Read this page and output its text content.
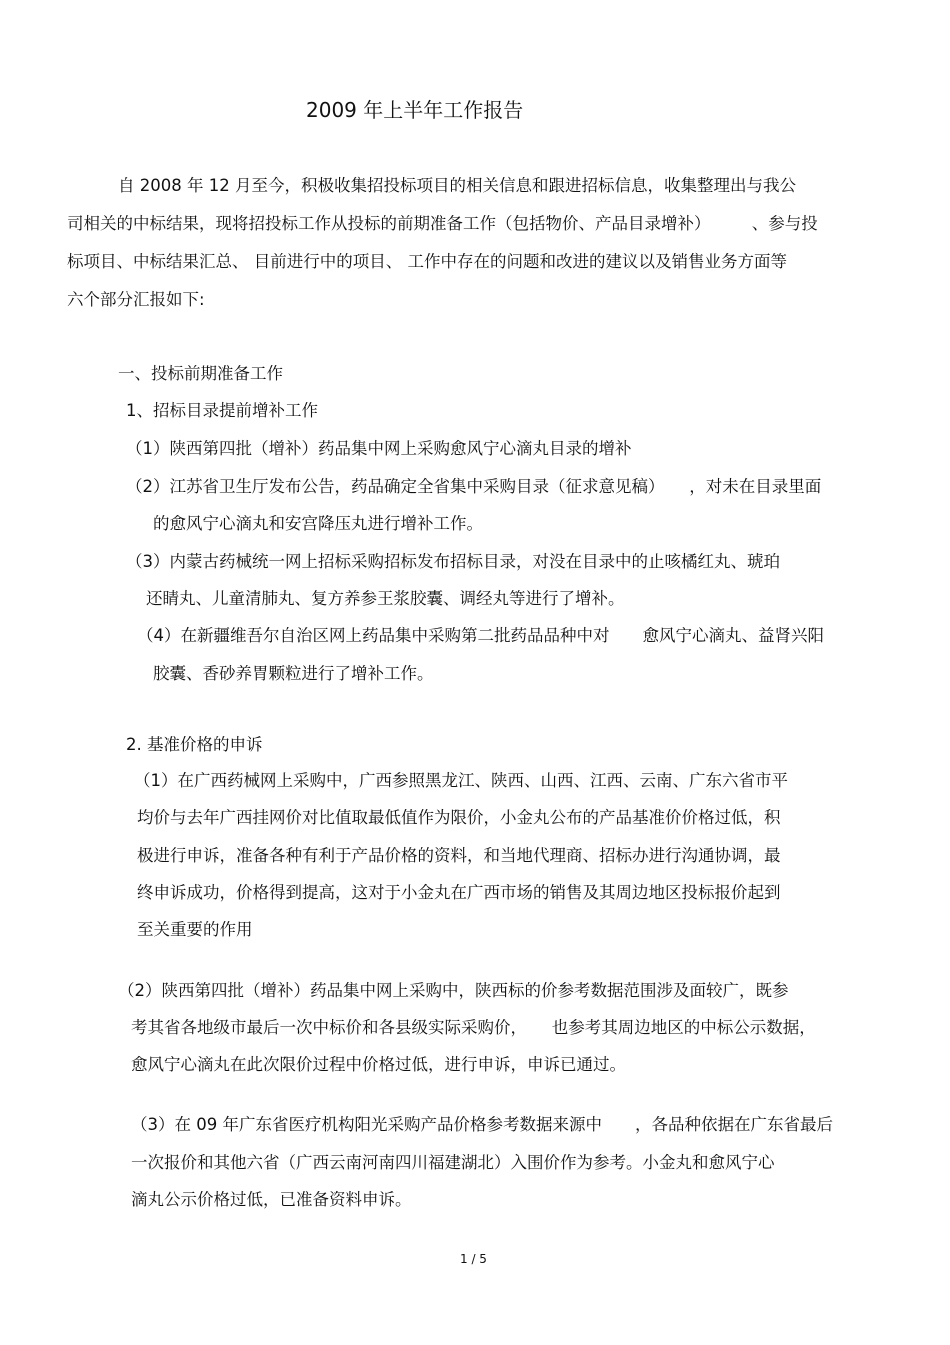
2009 年上半年工作报告
自 2008 年 12 月至今，积极收集招投标项目的相关信息和跟进招标信息，收集整理出与我公
司相关的中标结果，现将招投标工作从投标的前期准备工作（包括物价、产品目录增补）　　　、参与投
标项目、中标结果汇总、 目前进行中的项目、 工作中存在的问题和改进的建议以及销售业务方面等
六个部分汇报如下:
一、投标前期准备工作
1、招标目录提前增补工作
（1）陕西第四批（增补）药品集中网上采购愈风宁心滴丸目录的增补
（2）江苏省卫生厅发布公告，药品确定全省集中采购目录（征求意见稿）　　，对未在目录里面
的愈风宁心滴丸和安宫降压丸进行增补工作。
（3）内蒙古药械统一网上招标采购招标发布招标目录，对没在目录中的止咳橘红丸、琥珀
还睛丸、儿童清肺丸、复方养参王浆胶囊、调经丸等进行了增补。
（4）在新疆维吾尔自治区网上药品集中采购第二批药品品种中对　　愈风宁心滴丸、益肾兴阳
胶囊、香砂养胃颗粒进行了增补工作。
2. 基准价格的申诉
（1）在广西药械网上采购中，广西参照黑龙江、陕西、山西、江西、云南、广东六省市平
均价与去年广西挂网价对比值取最低值作为限价，小金丸公布的产品基准价价格过低，积
极进行申诉，准备各种有利于产品价格的资料，和当地代理商、招标办进行沟通协调，最
终申诉成功，价格得到提高，这对于小金丸在广西市场的销售及其周边地区投标报价起到
至关重要的作用
（2）陕西第四批（增补）药品集中网上采购中，陕西标的价参考数据范围涉及面较广，既参
考其省各地级市最后一次中标价和各县级实际采购价，　　也参考其周边地区的中标公示数据，
愈风宁心滴丸在此次限价过程中价格过低，进行申诉，申诉已通过。
（3）在 09 年广东省医疗机构阳光采购产品价格参考数据来源中　　，各品种依据在广东省最后
一次报价和其他六省（广西云南河南四川福建湖北）入围价作为参考。小金丸和愈风宁心
滴丸公示价格过低，已准备资料申诉。
1 / 5
